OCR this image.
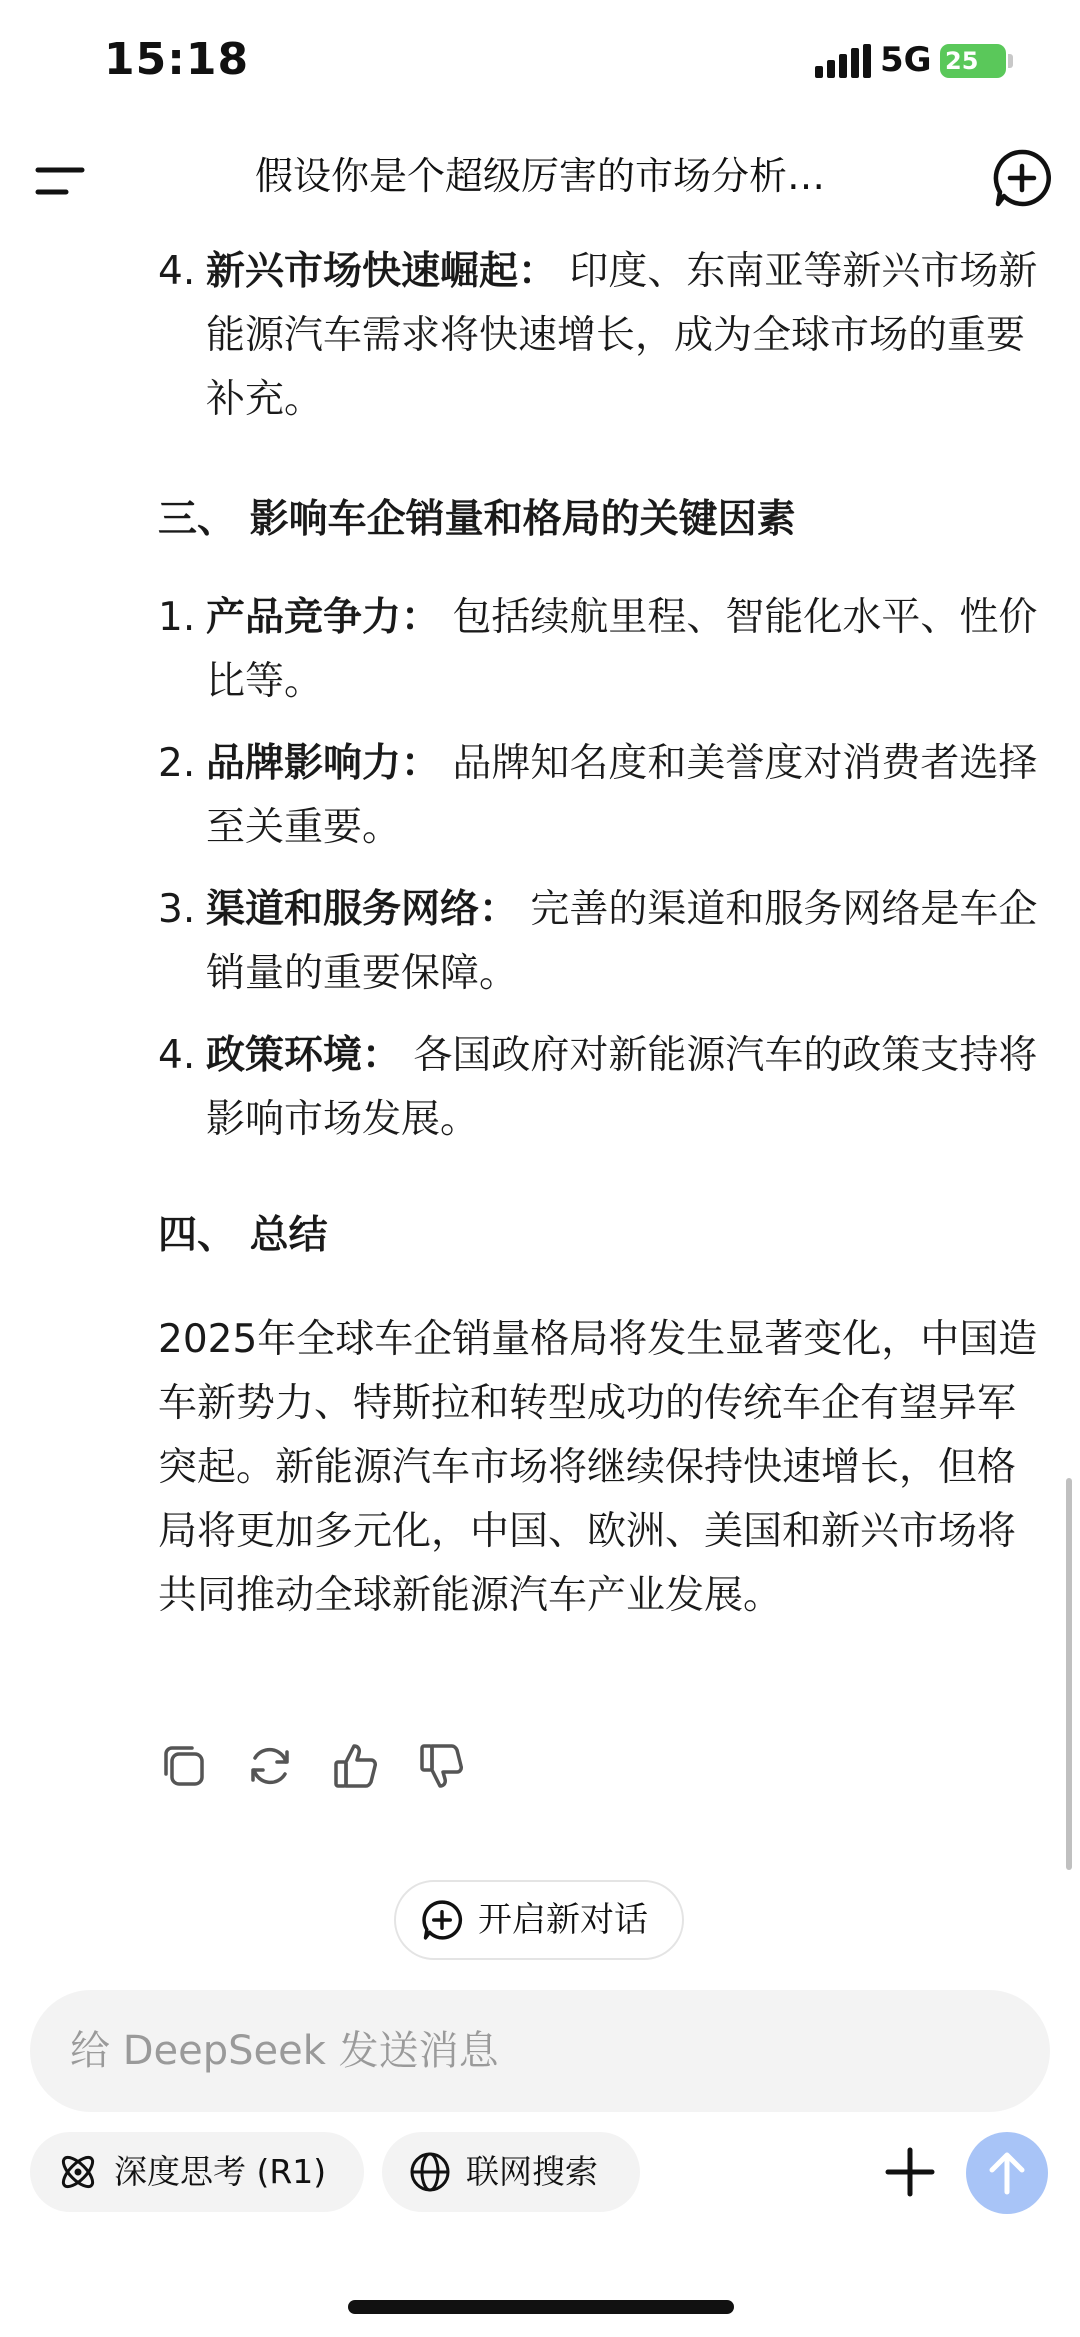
15:18	5G 25
假设你是个超级厉害的市场分析…
4. 新兴市场快速崛起： 印度、东南亚等新兴市场新能源汽车需求将快速增长，成为全球市场的重要补充。
三、 影响车企销量和格局的关键因素
1. 产品竞争力： 包括续航里程、智能化水平、性价比等。
2. 品牌影响力： 品牌知名度和美誉度对消费者选择至关重要。
3. 渠道和服务网络： 完善的渠道和服务网络是车企销量的重要保障。
4. 政策环境： 各国政府对新能源汽车的政策支持将影响市场发展。
四、 总结

2025年全球车企销量格局将发生显著变化，中国造车新势力、特斯拉和转型成功的传统车企有望异军突起。新能源汽车市场将继续保持快速增长，但格局将更加多元化，中国、欧洲、美国和新兴市场将共同推动全球新能源汽车产业发展。

开启新对话
给 DeepSeek 发送消息
深度思考 (R1)	联网搜索
